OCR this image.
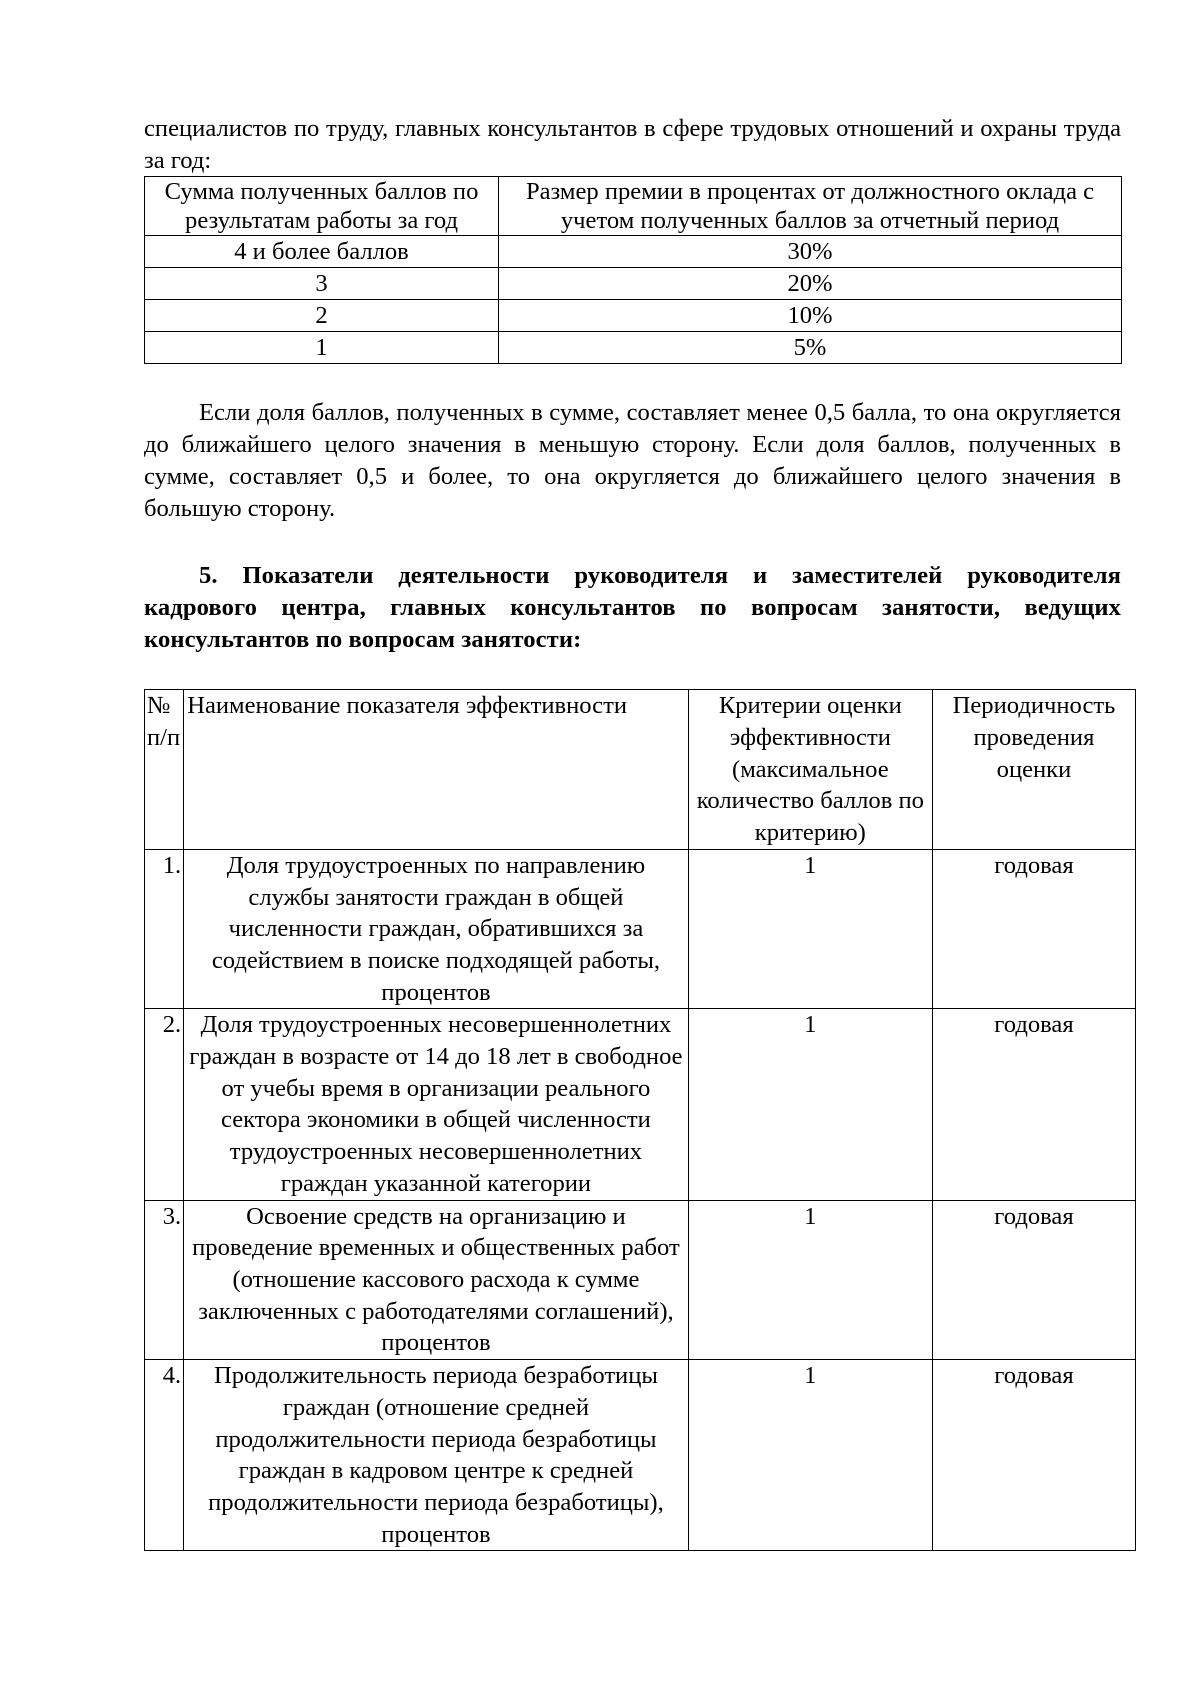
специалистов по труду, главных консультантов в сфере трудовых отношений и охраны труда за год:

Сумма полученных баллов по результатам работы за год	Размер премии в процентах от должностного оклада с учетом полученных баллов за отчетный период
4 и более баллов	30%
3	20%
2	10%
1	5%

Если доля баллов, полученных в сумме, составляет менее 0,5 балла, то она округляется до ближайшего целого значения в меньшую сторону. Если доля баллов, полученных в сумме, составляет 0,5 и более, то она округляется до ближайшего целого значения в большую сторону.

5. Показатели деятельности руководителя и заместителей руководителя кадрового центра, главных консультантов по вопросам занятости, ведущих консультантов по вопросам занятости:

№ п/п	Наименование показателя эффективности	Критерии оценки эффективности (максимальное количество баллов по критерию)	Периодичность проведения оценки
1.	Доля трудоустроенных по направлению службы занятости граждан в общей численности граждан, обратившихся за содействием в поиске подходящей работы, процентов	1	годовая
2.	Доля трудоустроенных несовершеннолетних граждан в возрасте от 14 до 18 лет в свободное от учебы время в организации реального сектора экономики в общей численности трудоустроенных несовершеннолетних граждан указанной категории	1	годовая
3.	Освоение средств на организацию и проведение временных и общественных работ (отношение кассового расхода к сумме заключенных с работодателями соглашений), процентов	1	годовая
4.	Продолжительность периода безработицы граждан (отношение средней продолжительности периода безработицы граждан в кадровом центре к средней продолжительности периода безработицы), процентов	1	годовая
